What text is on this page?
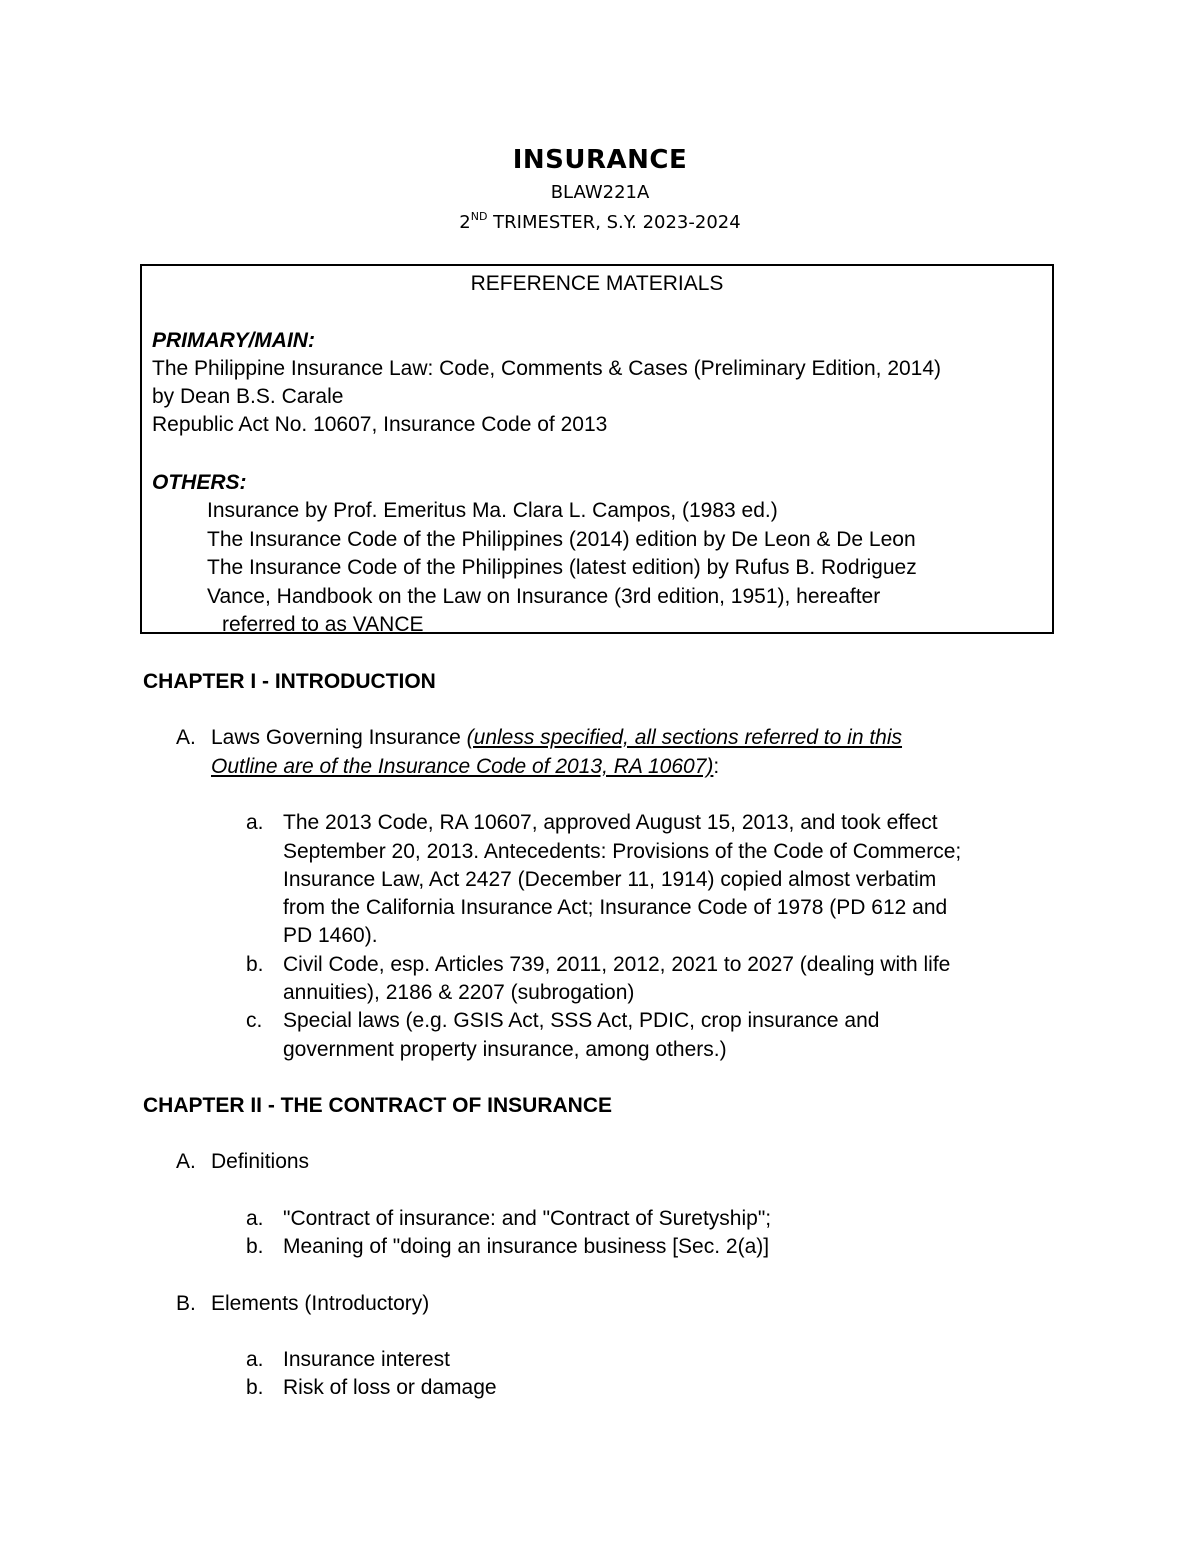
INSURANCE
BLAW221A
2ND TRIMESTER, S.Y. 2023-2024
REFERENCE MATERIALS
PRIMARY/MAIN:
The Philippine Insurance Law: Code, Comments & Cases (Preliminary Edition, 2014)
by Dean B.S. Carale
Republic Act No. 10607, Insurance Code of 2013
OTHERS:
Insurance by Prof. Emeritus Ma. Clara L. Campos, (1983 ed.)
The Insurance Code of the Philippines (2014) edition by De Leon & De Leon
The Insurance Code of the Philippines (latest edition) by Rufus B. Rodriguez
Vance, Handbook on the Law on Insurance (3rd edition, 1951), hereafter
referred to as VANCE
CHAPTER I - INTRODUCTION
A. Laws Governing Insurance (unless specified, all sections referred to in this
Outline are of the Insurance Code of 2013, RA 10607):
a. The 2013 Code, RA 10607, approved August 15, 2013, and took effect
September 20, 2013. Antecedents: Provisions of the Code of Commerce;
Insurance Law, Act 2427 (December 11, 1914) copied almost verbatim
from the California Insurance Act; Insurance Code of 1978 (PD 612 and
PD 1460).
b. Civil Code, esp. Articles 739, 2011, 2012, 2021 to 2027 (dealing with life
annuities), 2186 & 2207 (subrogation)
c. Special laws (e.g. GSIS Act, SSS Act, PDIC, crop insurance and
government property insurance, among others.)
CHAPTER II - THE CONTRACT OF INSURANCE
A. Definitions
a. "Contract of insurance: and "Contract of Suretyship";
b. Meaning of "doing an insurance business [Sec. 2(a)]
B. Elements (Introductory)
a. Insurance interest
b. Risk of loss or damage
